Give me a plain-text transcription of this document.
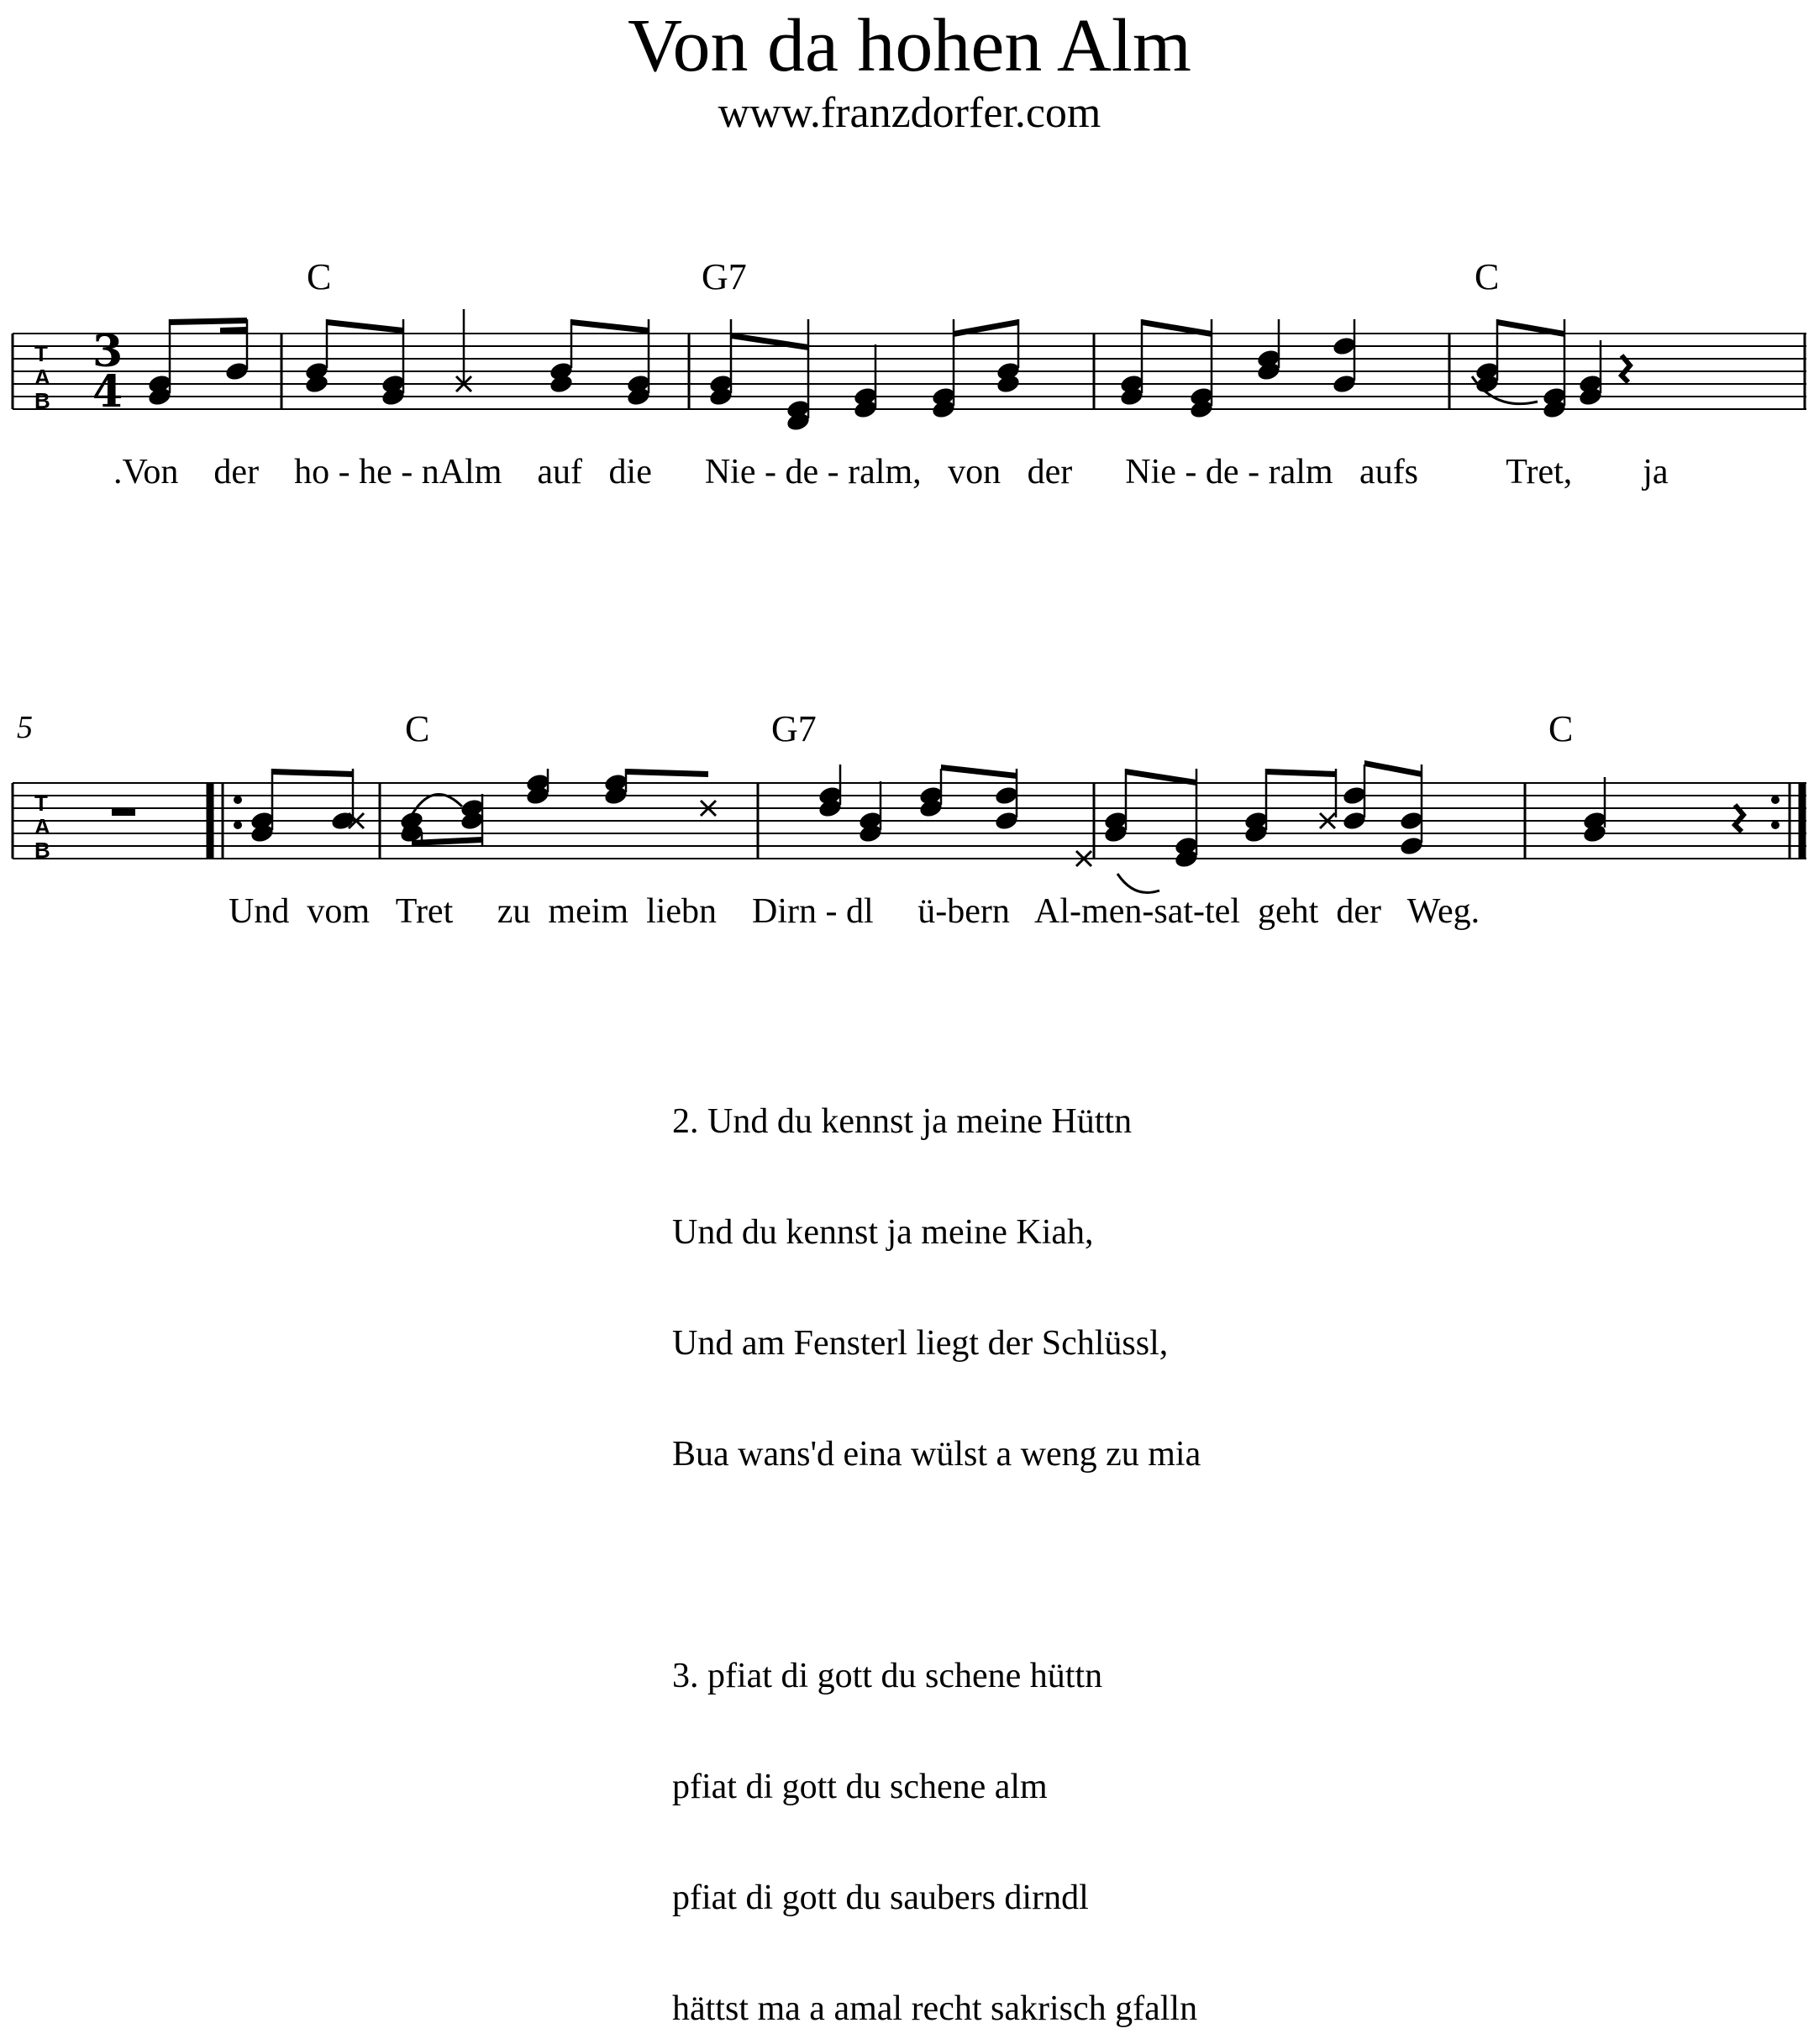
Von da hohen Alm
www.franzdorfer.com
T
A
B
T
A
B
3
4
C	G7	C
.Von der ho - he - nAlm auf die Nie - de - ralm, von der Nie - de - ralm aufs Tret, ja
5	C	G7	C
Und vom Tret zu meim liebn Dirn - dl ü-bern Al-men-sat-tel geht der Weg.
2. Und du kennst ja meine Hüttn
Und du kennst ja meine Kiah,
Und am Fensterl liegt der Schlüssl,
Bua wans'd eina wülst a weng zu mia
3. pfiat di gott du schene hüttn
pfiat di gott du schene alm
pfiat di gott du saubers dirndl
hättst ma a amal recht sakrisch gfalln
